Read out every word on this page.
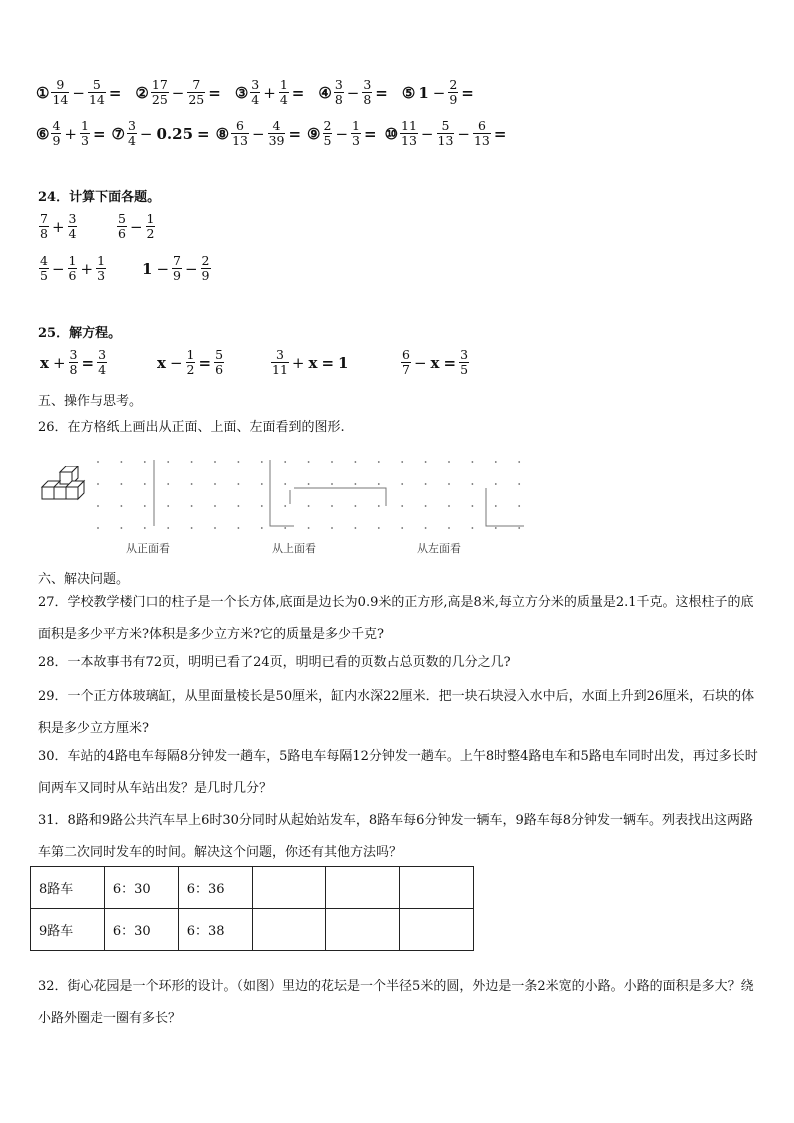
① $\frac{9}{14} - \frac{5}{14}$ = ② $\frac{17}{25} - \frac{7}{25}$ = ③ $\frac{3}{4} + \frac{1}{4}$ = ④ $\frac{3}{8} - \frac{3}{8}$ = ⑤ $1 - \frac{2}{9}$ =
⑥ $\frac{4}{9} + \frac{1}{3}$ = ⑦ $\frac{3}{4} - 0.25$ = ⑧ $\frac{6}{13} - \frac{4}{39}$ = ⑨ $\frac{2}{5} - \frac{1}{3}$ = ⑩ $\frac{11}{13} - \frac{5}{13} - \frac{6}{13}$ =
24．计算下面各题。
$\frac{7}{8} + \frac{3}{4}$	$\frac{5}{6} - \frac{1}{2}$
$\frac{4}{5} - \frac{1}{6} + \frac{1}{3} 1 - \frac{7}{9} - \frac{2}{9}$
25．解方程。
$x + \frac{3}{8} = \frac{3}{4}$	$x - \frac{1}{2} = \frac{5}{6}$	$\frac{3}{11} + x = 1$	$\frac{6}{7} - x = \frac{3}{5}$
五、操作与思考。
26．在方格纸上画出从正面、上面、左面看到的图形.
从正面看	从上面看	从左面看
六、解决问题。
27．学校教学楼门口的柱子是一个长方体,底面是边长为0.9米的正方形,高是8米,每立方分米的质量是2.1千克。这根柱子的底面积是多少平方米?体积是多少立方米?它的质量是多少千克?
28．一本故事书有72页，明明已看了24页，明明已看的页数占总页数的几分之几?
29．一个正方体玻璃缸，从里面量棱长是50厘米，缸内水深22厘米．把一块石块浸入水中后，水面上升到26厘米，石块的体积是多少立方厘米?
30．车站的4路电车每隔8分钟发一趟车，5路电车每隔12分钟发一趟车。上午8时整4路电车和5路电车同时出发，再过多长时间两车又同时从车站出发？是几时几分？
31．8路和9路公共汽车早上6时30分同时从起始站发车，8路车每6分钟发一辆车，9路车每8分钟发一辆车。列表找出这两路车第二次同时发车的时间。解决这个问题，你还有其他方法吗？
8路车	6：30	6：36			
9路车	6：30	6：38			
32．街心花园是一个环形的设计。（如图）里边的花坛是一个半径5米的圆，外边是一条2米宽的小路。小路的面积是多大？绕小路外圈走一圈有多长？
